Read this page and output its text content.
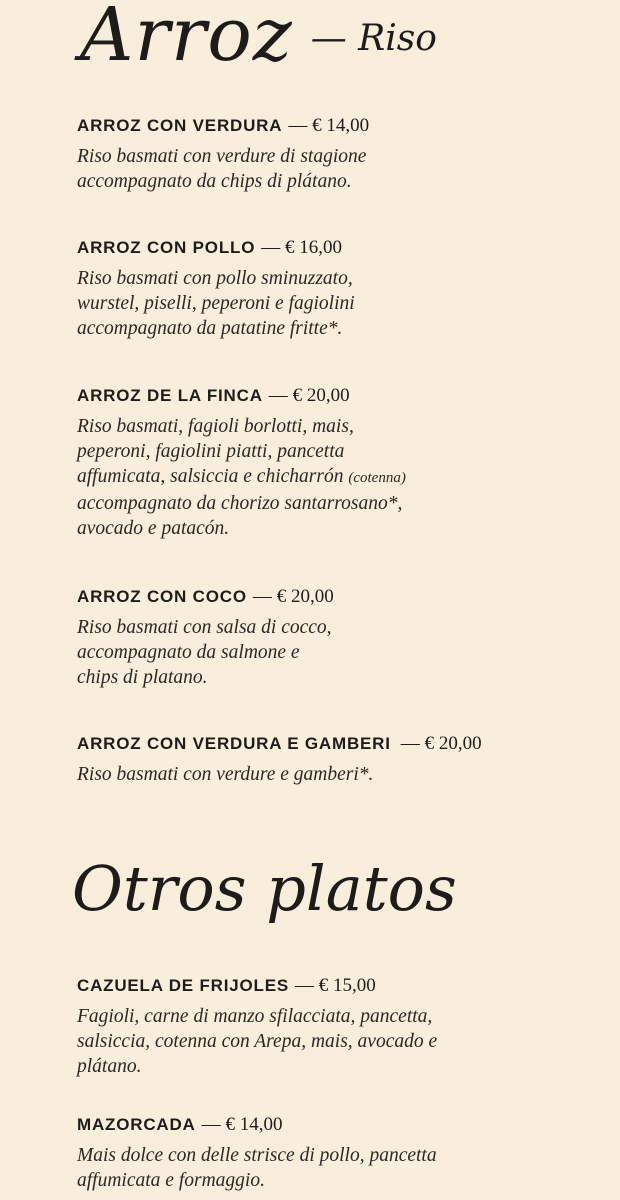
Arroz — Riso
ARROZ CON VERDURA — € 14,00
Riso basmati con verdure di stagione
accompagnato da chips di plátano.
ARROZ CON POLLO — € 16,00
Riso basmati con pollo sminuzzato,
wurstel, piselli, peperoni e fagiolini
accompagnato da patatine fritte*.
ARROZ DE LA FINCA — € 20,00
Riso basmati, fagioli borlotti, mais,
peperoni, fagiolini piatti, pancetta
affumicata, salsiccia e chicharrón (cotenna)
accompagnato da chorizo santarrosano*,
avocado e patacón.
ARROZ CON COCO — € 20,00
Riso basmati con salsa di cocco,
accompagnato da salmone e
chips di platano.
ARROZ CON VERDURA E GAMBERI — € 20,00
Riso basmati con verdure e gamberi*.
Otros platos
CAZUELA DE FRIJOLES — € 15,00
Fagioli, carne di manzo sfilacciata, pancetta,
salsiccia, cotenna con Arepa, mais, avocado e
plátano.
MAZORCADA — € 14,00
Mais dolce con delle strisce di pollo, pancetta
affumicata e formaggio.
